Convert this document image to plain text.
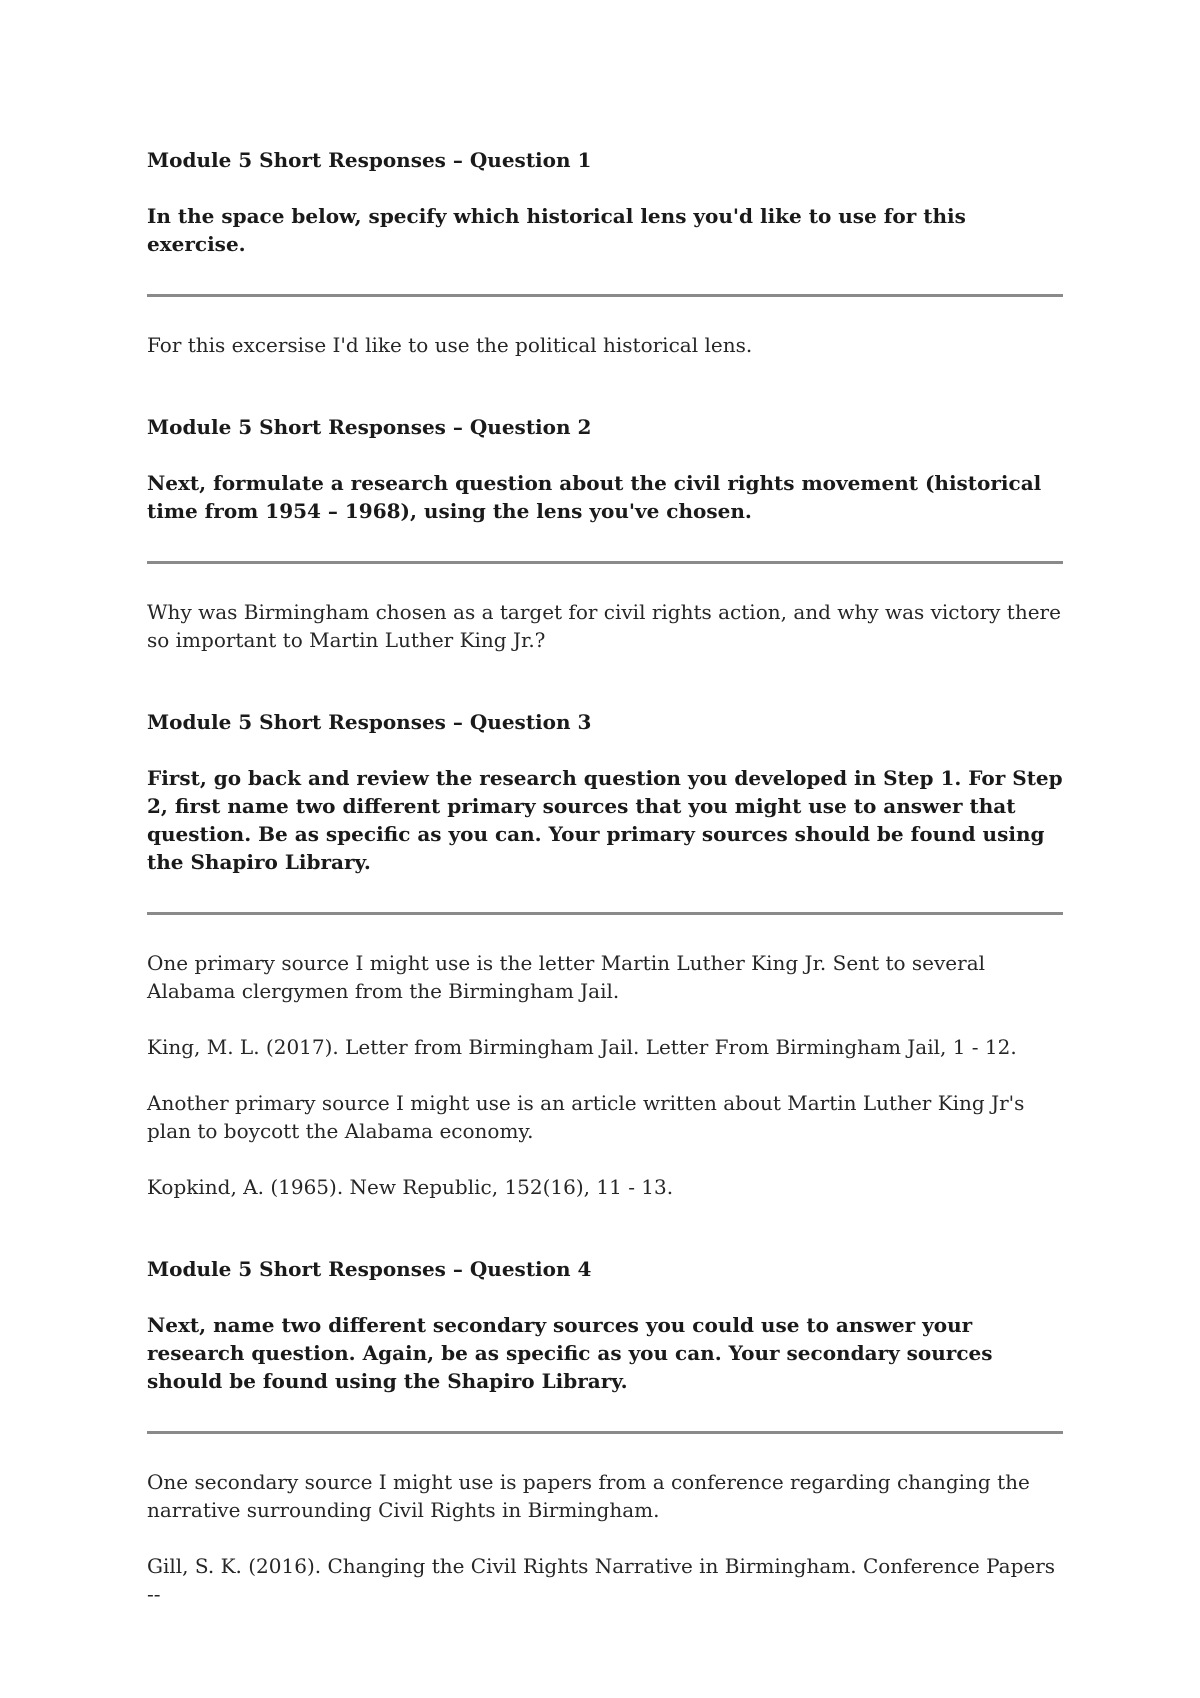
Module 5 Short Responses – Question 1

In the space below, specify which historical lens you'd like to use for this exercise.

For this excersise I'd like to use the political historical lens.

Module 5 Short Responses – Question 2

Next, formulate a research question about the civil rights movement (historical time from 1954 – 1968), using the lens you've chosen.

Why was Birmingham chosen as a target for civil rights action, and why was victory there so important to Martin Luther King Jr.?

Module 5 Short Responses – Question 3

First, go back and review the research question you developed in Step 1. For Step 2, first name two different primary sources that you might use to answer that question. Be as specific as you can. Your primary sources should be found using the Shapiro Library.

One primary source I might use is the letter Martin Luther King Jr. Sent to several Alabama clergymen from the Birmingham Jail.

King, M. L. (2017). Letter from Birmingham Jail. Letter From Birmingham Jail, 1 - 12.

Another primary source I might use is an article written about Martin Luther King Jr's plan to boycott the Alabama economy.

Kopkind, A. (1965). New Republic, 152(16), 11 - 13.

Module 5 Short Responses – Question 4

Next, name two different secondary sources you could use to answer your research question. Again, be as specific as you can. Your secondary sources should be found using the Shapiro Library.

One secondary source I might use is papers from a conference regarding changing the narrative surrounding Civil Rights in Birmingham.

Gill, S. K. (2016). Changing the Civil Rights Narrative in Birmingham. Conference Papers --
